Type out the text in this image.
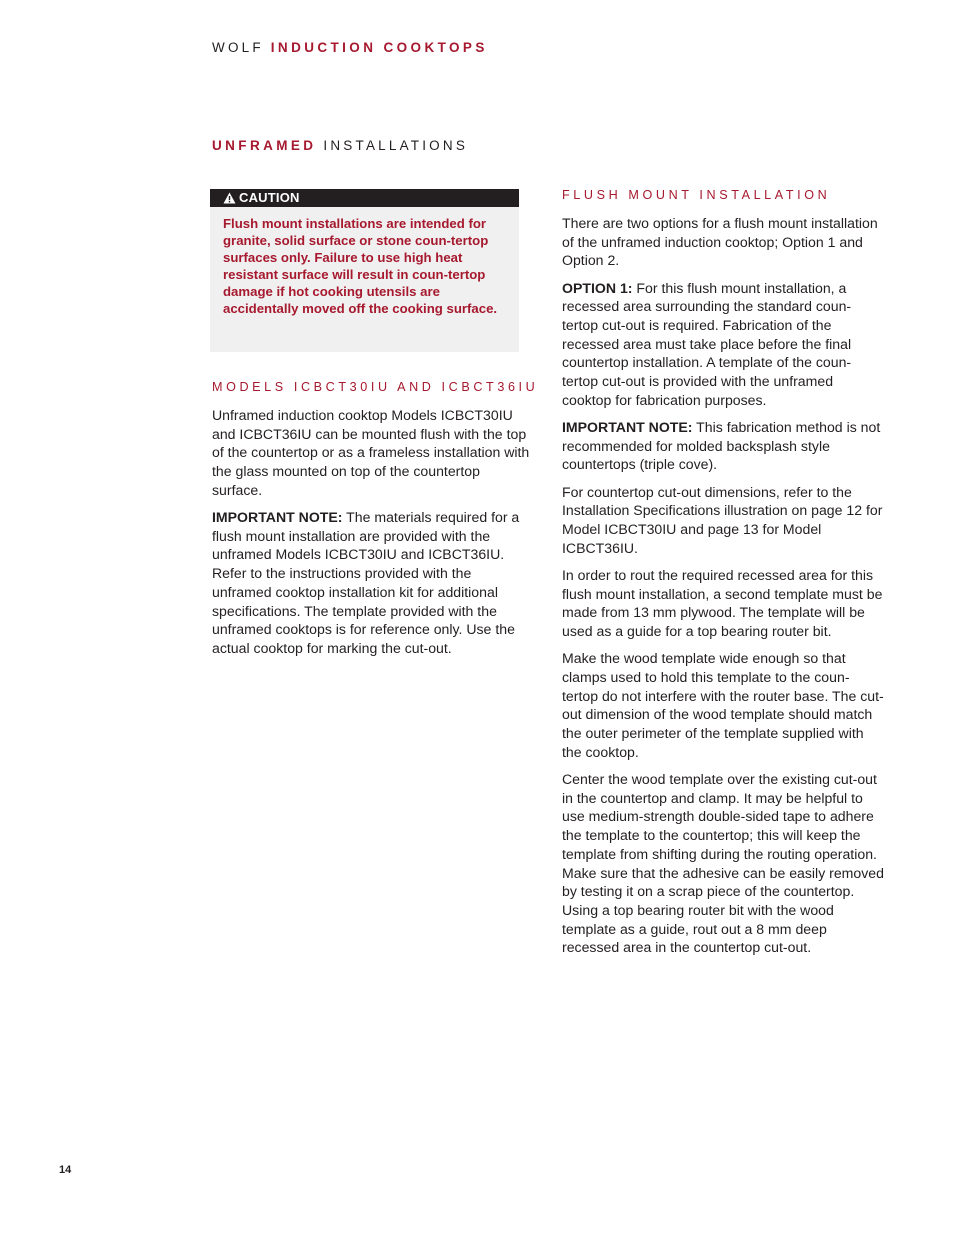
WOLF INDUCTION COOKTOPS
UNFRAMED INSTALLATIONS
CAUTION

Flush mount installations are intended for granite, solid surface or stone coun-tertop surfaces only. Failure to use high heat resistant surface will result in coun-tertop damage if hot cooking utensils are accidentally moved off the cooking surface.

MODELS ICBCT30IU AND ICBCT36IU

Unframed induction cooktop Models ICBCT30IU and ICBCT36IU can be mounted flush with the top of the countertop or as a frameless installation with the glass mounted on top of the countertop surface.

IMPORTANT NOTE: The materials required for a flush mount installation are provided with the unframed Models ICBCT30IU and ICBCT36IU. Refer to the instructions provided with the unframed cooktop installation kit for additional specifications. The template provided with the unframed cooktops is for reference only. Use the actual cooktop for marking the cut-out.

FLUSH MOUNT INSTALLATION

There are two options for a flush mount installation of the unframed induction cooktop; Option 1 and Option 2.

OPTION 1: For this flush mount installation, a recessed area surrounding the standard coun-tertop cut-out is required. Fabrication of the recessed area must take place before the final countertop installation. A template of the coun-tertop cut-out is provided with the unframed cooktop for fabrication purposes.

IMPORTANT NOTE: This fabrication method is not recommended for molded backsplash style countertops (triple cove).

For countertop cut-out dimensions, refer to the Installation Specifications illustration on page 12 for Model ICBCT30IU and page 13 for Model ICBCT36IU.

In order to rout the required recessed area for this flush mount installation, a second template must be made from 13 mm plywood. The template will be used as a guide for a top bearing router bit.

Make the wood template wide enough so that clamps used to hold this template to the coun-tertop do not interfere with the router base. The cut-out dimension of the wood template should match the outer perimeter of the template supplied with the cooktop.

Center the wood template over the existing cut-out in the countertop and clamp. It may be helpful to use medium-strength double-sided tape to adhere the template to the countertop; this will keep the template from shifting during the routing operation. Make sure that the adhesive can be easily removed by testing it on a scrap piece of the countertop. Using a top bearing router bit with the wood template as a guide, rout out a 8 mm deep recessed area in the countertop cut-out.

14
